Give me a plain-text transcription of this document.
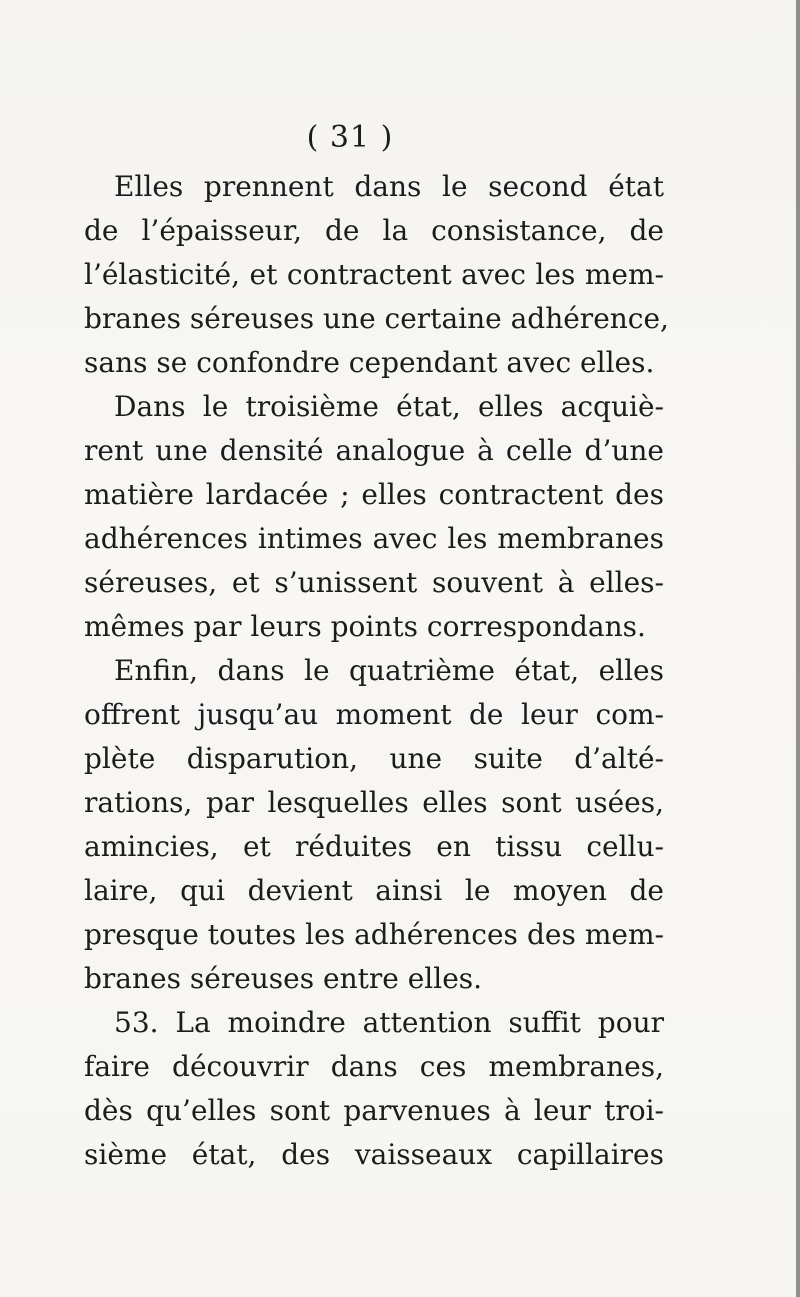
( 31 )
Elles prennent dans le second état
de l’épaisseur, de la consistance, de
l’élasticité, et contractent avec les mem-
branes séreuses une certaine adhérence,
sans se confondre cependant avec elles.
Dans le troisième état, elles acquiè-
rent une densité analogue à celle d’une
matière lardacée ; elles contractent des
adhérences intimes avec les membranes
séreuses, et s’unissent souvent à elles-
mêmes par leurs points correspondans.
Enfin, dans le quatrième état, elles
offrent jusqu’au moment de leur com-
plète disparution, une suite d’alté-
rations, par lesquelles elles sont usées,
amincies, et réduites en tissu cellu-
laire, qui devient ainsi le moyen de
presque toutes les adhérences des mem-
branes séreuses entre elles.
53. La moindre attention suffit pour
faire découvrir dans ces membranes,
dès qu’elles sont parvenues à leur troi-
sième état, des vaisseaux capillaires
